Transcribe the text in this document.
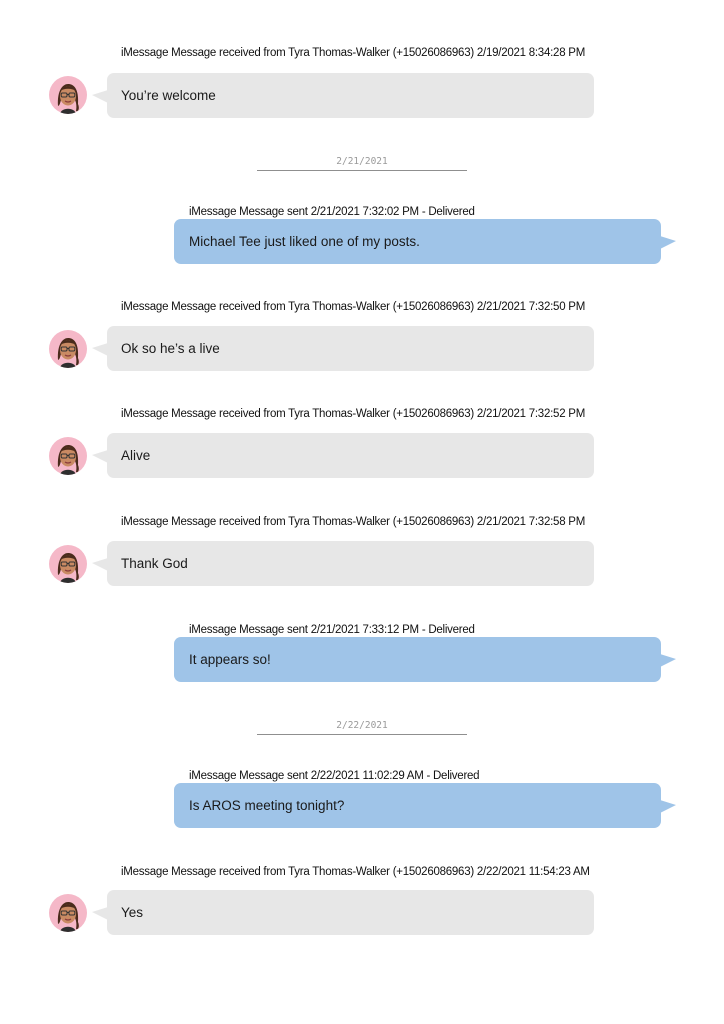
iMessage Message received from Tyra Thomas-Walker (+15026086963) 2/19/2021 8:34:28 PM
You’re welcome
2/21/2021
iMessage Message sent 2/21/2021 7:32:02 PM - Delivered
Michael Tee just liked one of my posts.
iMessage Message received from Tyra Thomas-Walker (+15026086963) 2/21/2021 7:32:50 PM
Ok so he’s a live
iMessage Message received from Tyra Thomas-Walker (+15026086963) 2/21/2021 7:32:52 PM
Alive
iMessage Message received from Tyra Thomas-Walker (+15026086963) 2/21/2021 7:32:58 PM
Thank God
iMessage Message sent 2/21/2021 7:33:12 PM - Delivered
It appears so!
2/22/2021
iMessage Message sent 2/22/2021 11:02:29 AM - Delivered
Is AROS meeting tonight?
iMessage Message received from Tyra Thomas-Walker (+15026086963) 2/22/2021 11:54:23 AM
Yes
